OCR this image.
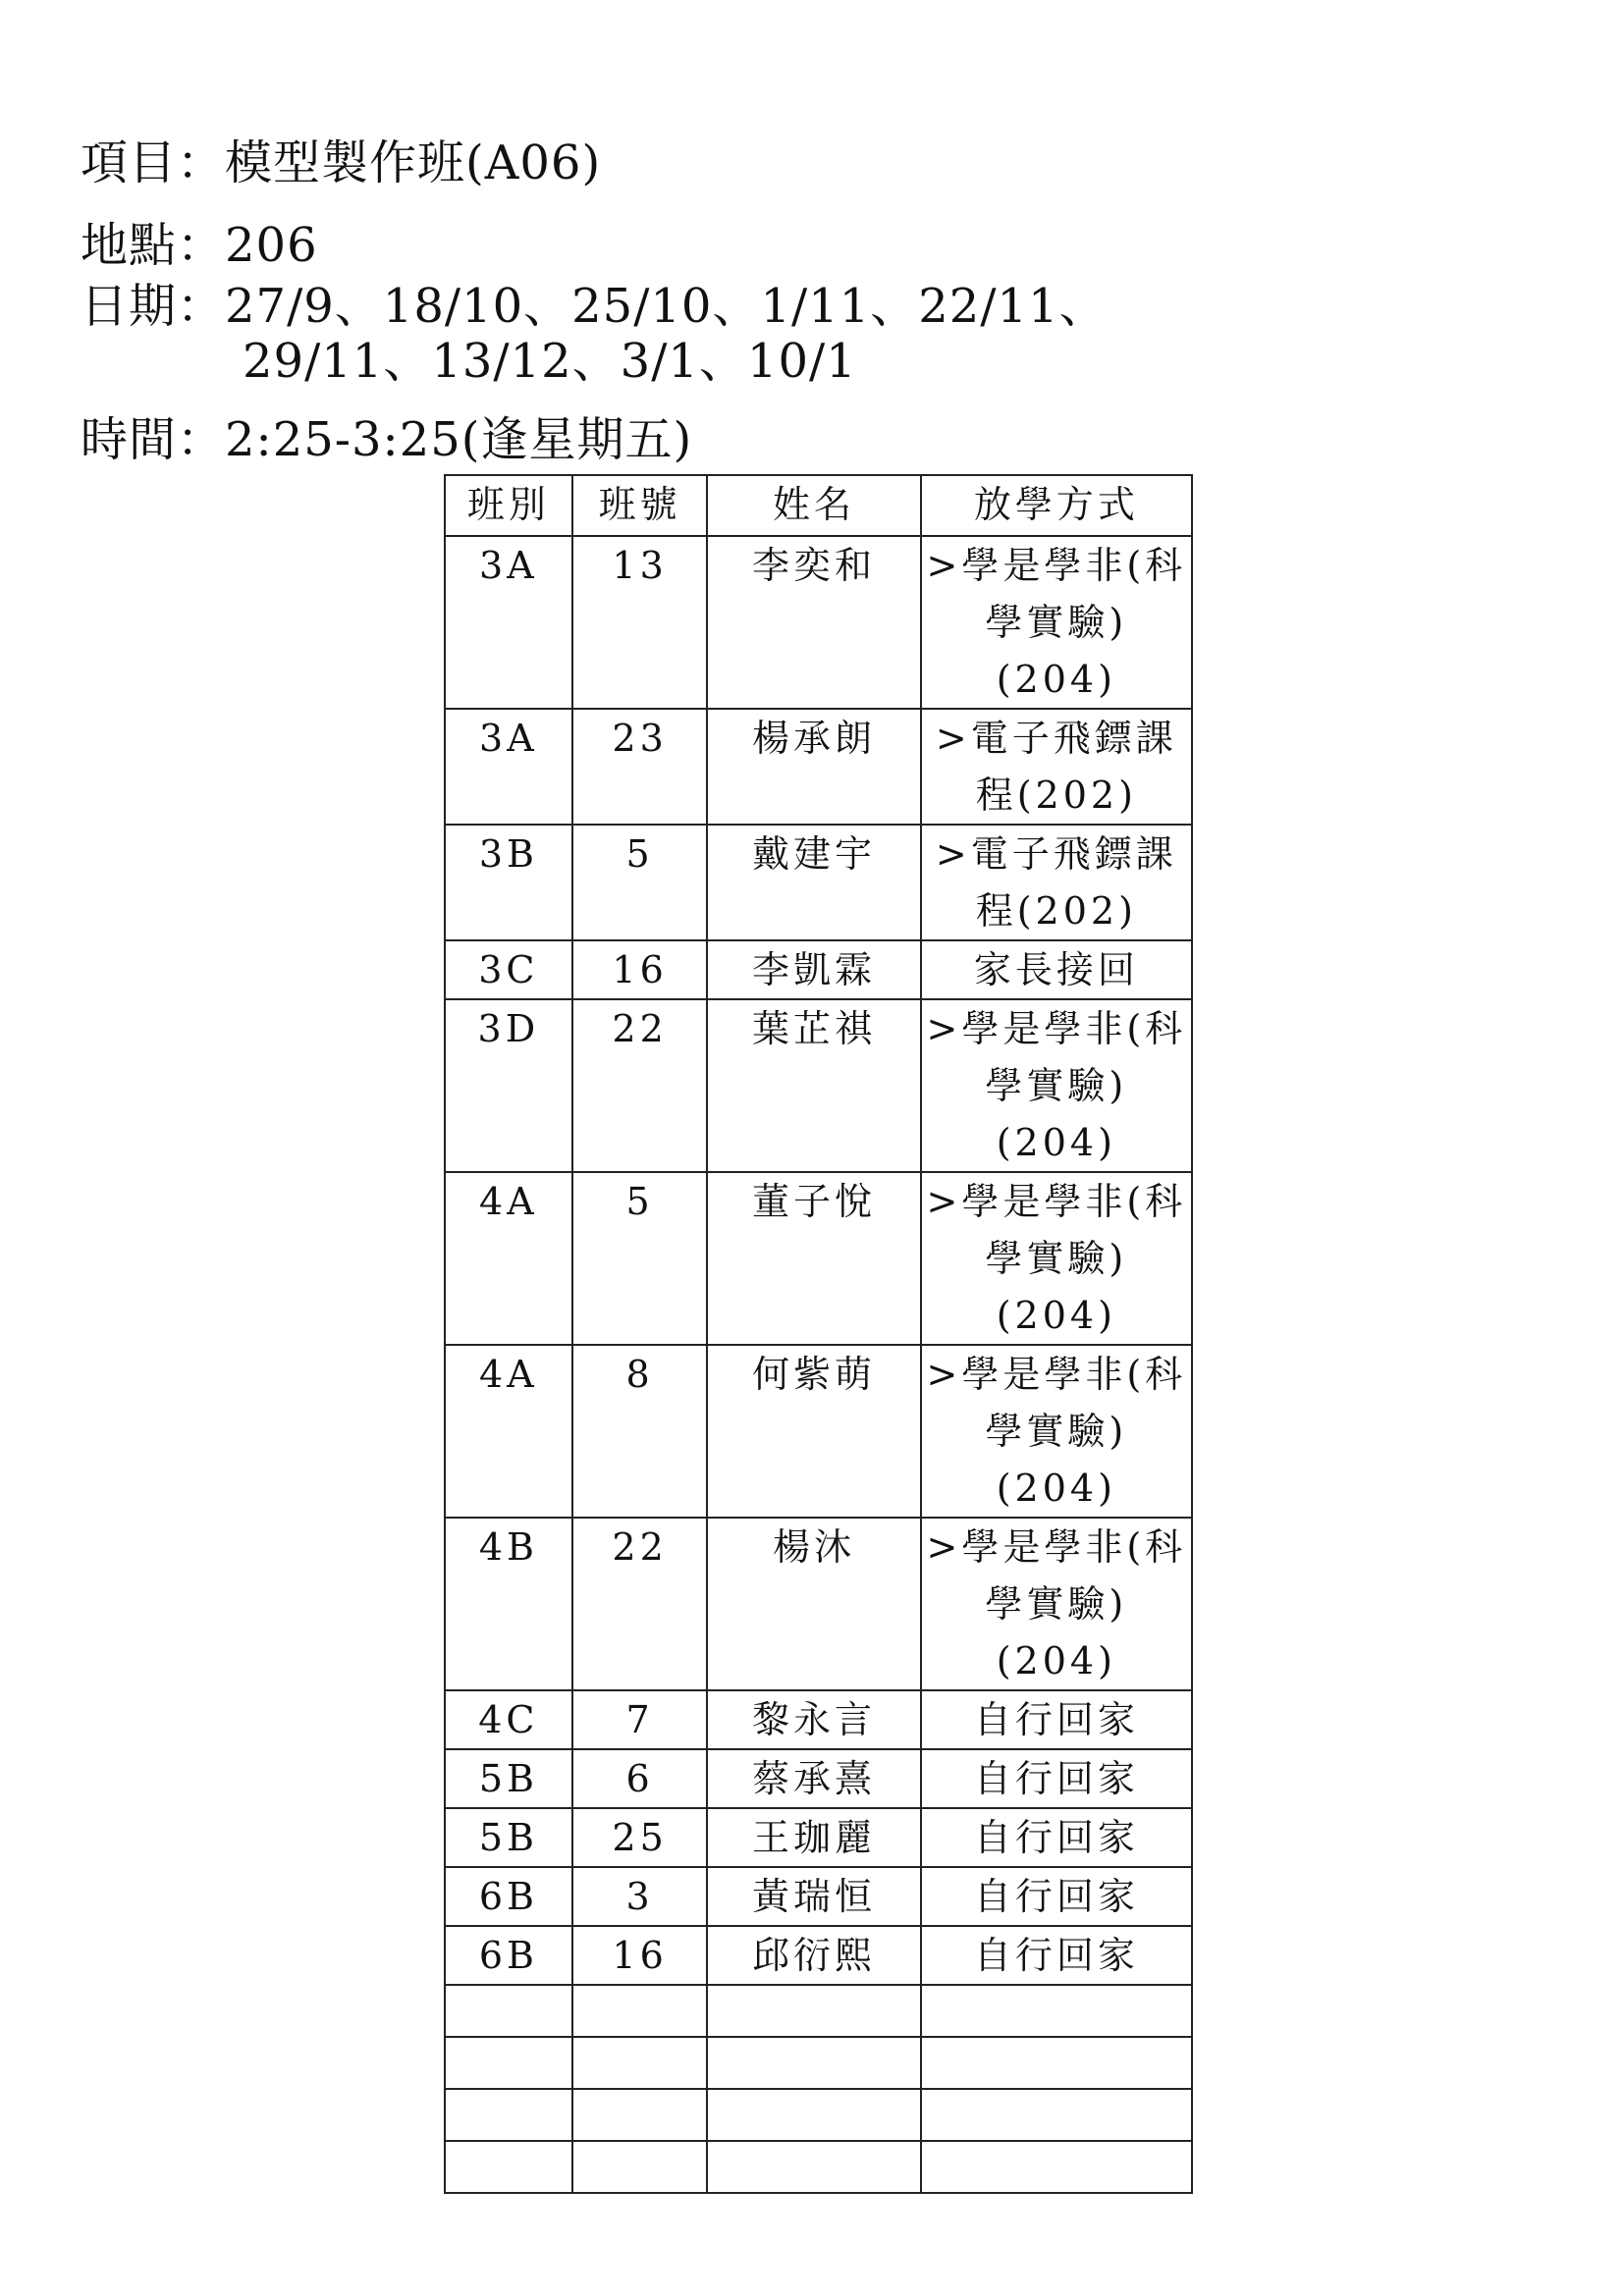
項目：模型製作班(A06)
地點：206
日期：27/9、18/10、25/10、1/11、22/11、
29/11、13/12、3/1、10/1
時間：2:25-3:25(逢星期五)
班別	班號	姓名	放學方式
3A	13	李奕和	>學是學非(科學實驗)(204)
3A	23	楊承朗	>電子飛鏢課程(202)
3B	5	戴建宇	>電子飛鏢課程(202)
3C	16	李凱霖	家長接回
3D	22	葉芷祺	>學是學非(科學實驗)(204)
4A	5	董子悅	>學是學非(科學實驗)(204)
4A	8	何紫萌	>學是學非(科學實驗)(204)
4B	22	楊沐	>學是學非(科學實驗)(204)
4C	7	黎永言	自行回家
5B	6	蔡承熹	自行回家
5B	25	王珈麗	自行回家
6B	3	黃瑞恒	自行回家
6B	16	邱衍熙	自行回家
